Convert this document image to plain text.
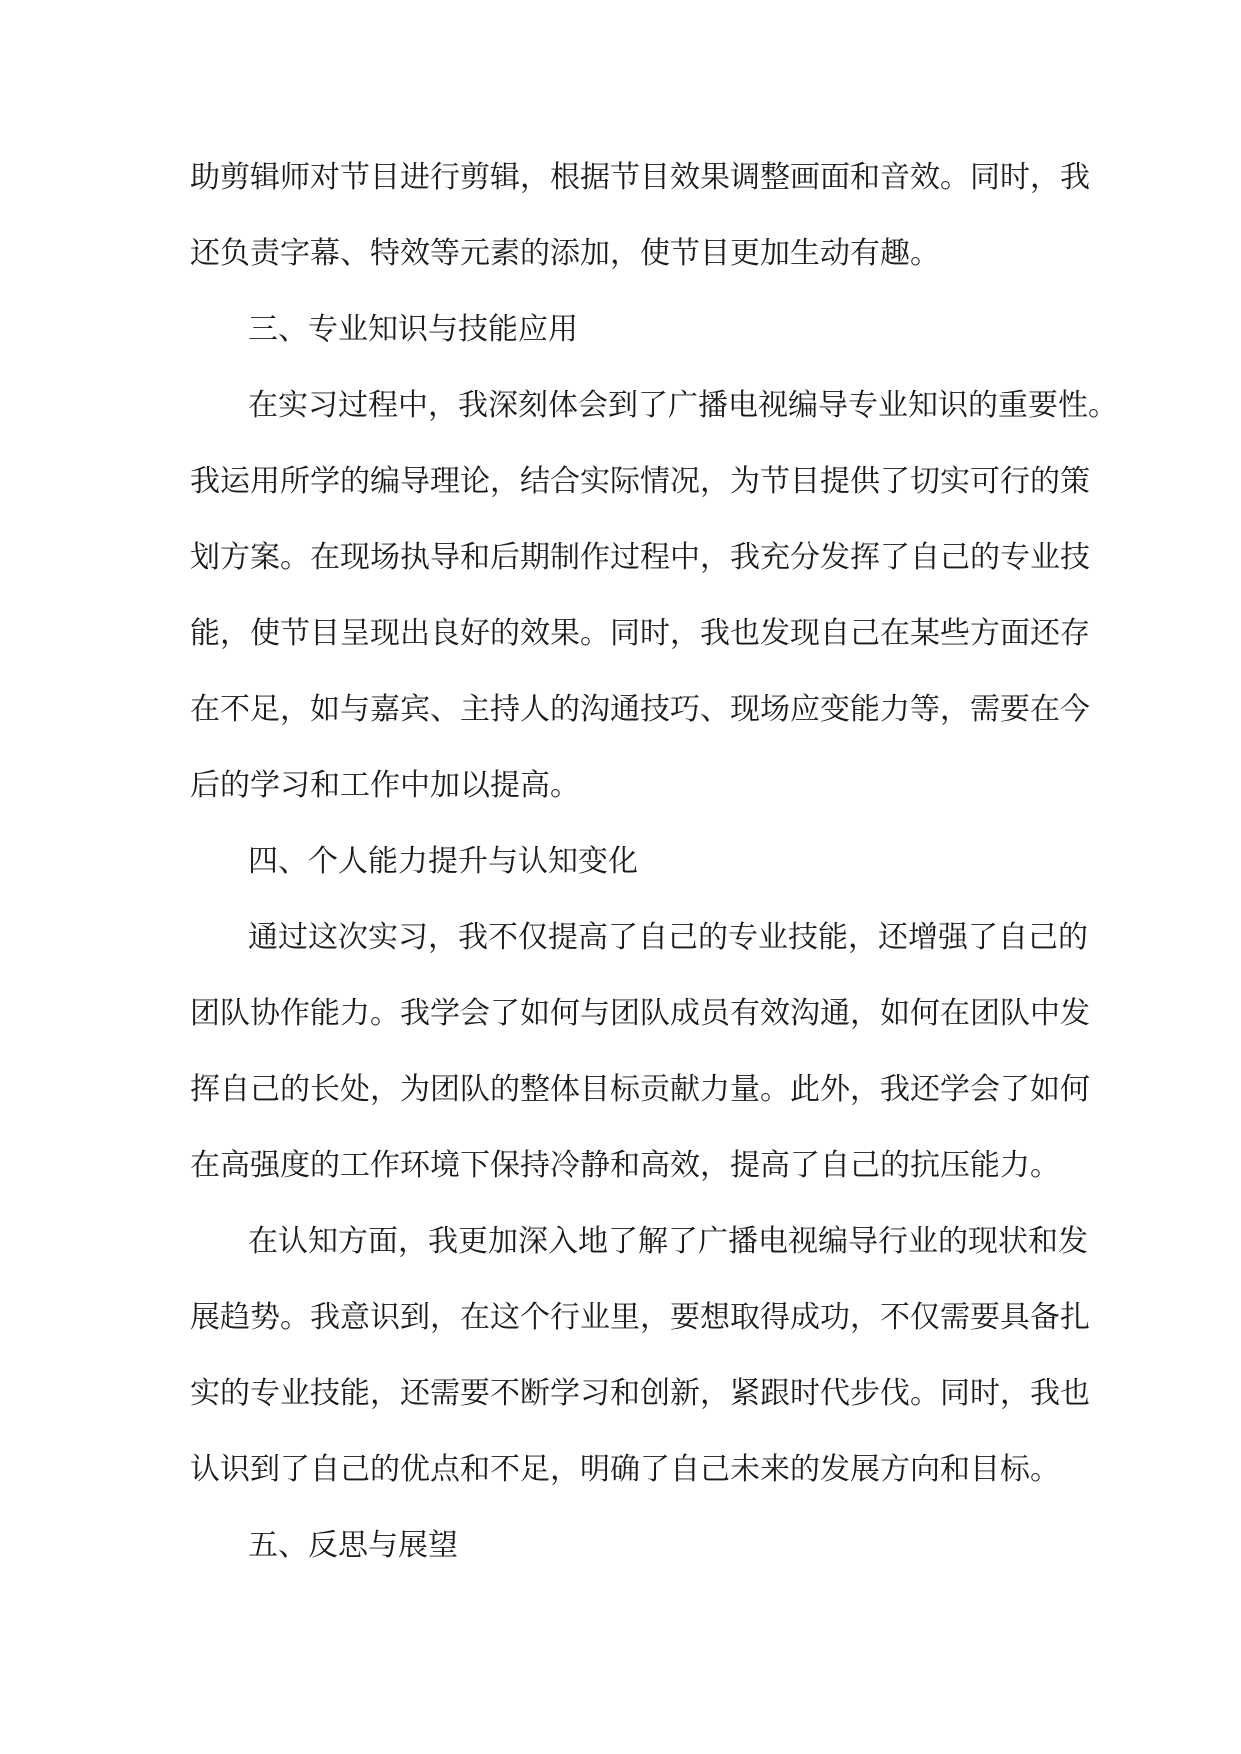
助剪辑师对节目进行剪辑，根据节目效果调整画面和音效。同时，我
还负责字幕、特效等元素的添加，使节目更加生动有趣。
三、专业知识与技能应用
在实习过程中，我深刻体会到了广播电视编导专业知识的重要性。
我运用所学的编导理论，结合实际情况，为节目提供了切实可行的策
划方案。在现场执导和后期制作过程中，我充分发挥了自己的专业技
能，使节目呈现出良好的效果。同时，我也发现自己在某些方面还存
在不足，如与嘉宾、主持人的沟通技巧、现场应变能力等，需要在今
后的学习和工作中加以提高。
四、个人能力提升与认知变化
通过这次实习，我不仅提高了自己的专业技能，还增强了自己的
团队协作能力。我学会了如何与团队成员有效沟通，如何在团队中发
挥自己的长处，为团队的整体目标贡献力量。此外，我还学会了如何
在高强度的工作环境下保持冷静和高效，提高了自己的抗压能力。
在认知方面，我更加深入地了解了广播电视编导行业的现状和发
展趋势。我意识到，在这个行业里，要想取得成功，不仅需要具备扎
实的专业技能，还需要不断学习和创新，紧跟时代步伐。同时，我也
认识到了自己的优点和不足，明确了自己未来的发展方向和目标。
五、反思与展望
